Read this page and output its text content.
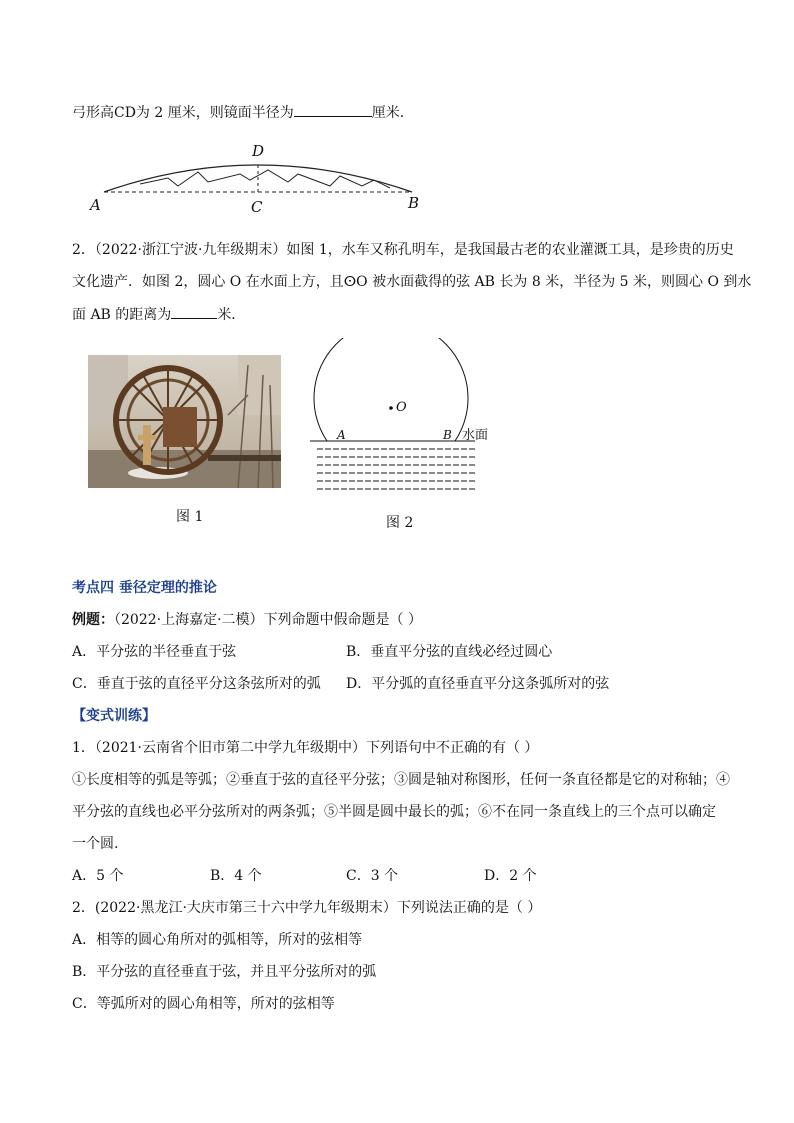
弓形高CD为 2 厘米，则镜面半径为	厘米．
D
A	C	B
2．（2022·浙江宁波·九年级期末）如图 1，水车又称孔明车，是我国最古老的农业灌溉工具，是珍贵的历史
文化遗产．如图 2，圆心 O 在水面上方，且ⵙO 被水面截得的弦 AB 长为 8 米，半径为 5 米，则圆心 O 到水
面 AB 的距离为	米．
图 1
O
A	B 水面
图 2
考点四 垂径定理的推论
例题：（2022·上海嘉定·二模）下列命题中假命题是（ ）
A．平分弦的半径垂直于弦	B．垂直平分弦的直线必经过圆心
C．垂直于弦的直径平分这条弦所对的弧 D．平分弧的直径垂直平分这条弧所对的弦
【变式训练】
1．（2021·云南省个旧市第二中学九年级期中）下列语句中不正确的有（ ）
①长度相等的弧是等弧；②垂直于弦的直径平分弦；③圆是轴对称图形，任何一条直径都是它的对称轴；④
平分弦的直线也必平分弦所对的两条弧；⑤半圆是圆中最长的弧；⑥不在同一条直线上的三个点可以确定
一个圆.
A．5 个	B．4 个	C．3 个	D．2 个
2．(2022·黑龙江·大庆市第三十六中学九年级期末）下列说法正确的是（ ）
A．相等的圆心角所对的弧相等，所对的弦相等
B．平分弦的直径垂直于弦，并且平分弦所对的弧
C．等弧所对的圆心角相等，所对的弦相等
